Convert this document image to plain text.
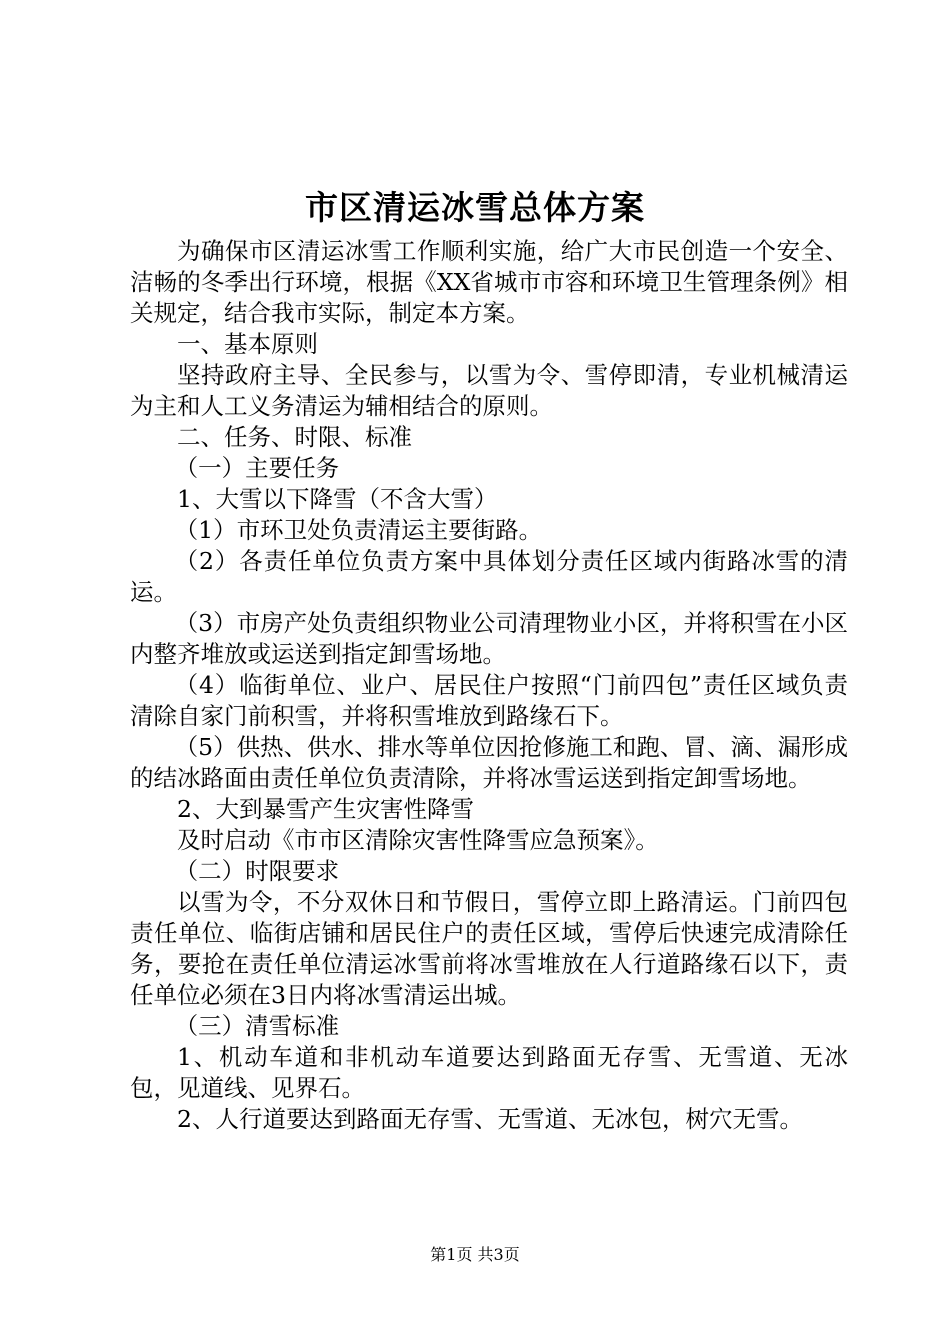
市区清运冰雪总体方案

为确保市区清运冰雪工作顺利实施，给广大市民创造一个安全、洁畅的冬季出行环境，根据《XX省城市市容和环境卫生管理条例》相关规定，结合我市实际，制定本方案。

一、基本原则

坚持政府主导、全民参与，以雪为令、雪停即清，专业机械清运为主和人工义务清运为辅相结合的原则。

二、任务、时限、标准

（一）主要任务

1、大雪以下降雪（不含大雪）

（1）市环卫处负责清运主要街路。

（2）各责任单位负责方案中具体划分责任区域内街路冰雪的清运。

（3）市房产处负责组织物业公司清理物业小区，并将积雪在小区内整齐堆放或运送到指定卸雪场地。

（4）临街单位、业户、居民住户按照“门前四包”责任区域负责清除自家门前积雪，并将积雪堆放到路缘石下。

（5）供热、供水、排水等单位因抢修施工和跑、冒、滴、漏形成的结冰路面由责任单位负责清除，并将冰雪运送到指定卸雪场地。

2、大到暴雪产生灾害性降雪

及时启动《市市区清除灾害性降雪应急预案》。

（二）时限要求

以雪为令，不分双休日和节假日，雪停立即上路清运。门前四包责任单位、临街店铺和居民住户的责任区域，雪停后快速完成清除任务，要抢在责任单位清运冰雪前将冰雪堆放在人行道路缘石以下，责任单位必须在3日内将冰雪清运出城。

（三）清雪标准

1、机动车道和非机动车道要达到路面无存雪、无雪道、无冰包，见道线、见界石。

2、人行道要达到路面无存雪、无雪道、无冰包，树穴无雪。

第1页 共3页
